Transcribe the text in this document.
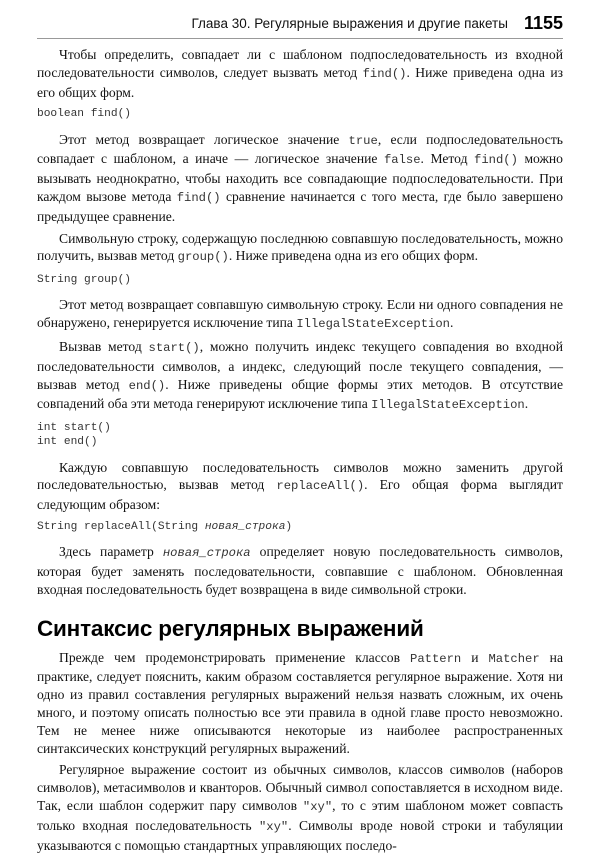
Глава 30. Регулярные выражения и другие пакеты 1155

Чтобы определить, совпадает ли с шаблоном подпоследовательность из входной последовательности символов, следует вызвать метод find(). Ниже приведена одна из его общих форм.

boolean find()

Этот метод возвращает логическое значение true, если подпоследовательность совпадает с шаблоном, а иначе — логическое значение false. Метод find() можно вызывать неоднократно, чтобы находить все совпадающие подпоследовательности. При каждом вызове метода find() сравнение начинается с того места, где было завершено предыдущее сравнение.

Символьную строку, содержащую последнюю совпавшую последовательность, можно получить, вызвав метод group(). Ниже приведена одна из его общих форм.

String group()

Этот метод возвращает совпавшую символьную строку. Если ни одного совпадения не обнаружено, генерируется исключение типа IllegalStateException.

Вызвав метод start(), можно получить индекс текущего совпадения во входной последовательности символов, а индекс, следующий после текущего совпадения, — вызвав метод end(). Ниже приведены общие формы этих методов. В отсутствие совпадений оба эти метода генерируют исключение типа IllegalStateException.

int start()
int end()

Каждую совпавшую последовательность символов можно заменить другой последовательностью, вызвав метод replaceAll(). Его общая форма выглядит следующим образом:

String replaceAll(String новая_строка)

Здесь параметр новая_строка определяет новую последовательность символов, которая будет заменять последовательности, совпавшие с шаблоном. Обновленная входная последовательность будет возвращена в виде символьной строки.

Синтаксис регулярных выражений

Прежде чем продемонстрировать применение классов Pattern и Matcher на практике, следует пояснить, каким образом составляется регулярное выражение. Хотя ни одно из правил составления регулярных выражений нельзя назвать сложным, их очень много, и поэтому описать полностью все эти правила в одной главе просто невозможно. Тем не менее ниже описываются некоторые из наиболее распространенных синтаксических конструкций регулярных выражений.

Регулярное выражение состоит из обычных символов, классов символов (наборов символов), метасимволов и кванторов. Обычный символ сопоставляется в исходном виде. Так, если шаблон содержит пару символов "xy", то с этим шаблоном может совпасть только входная последовательность "xy". Символы вроде новой строки и табуляции указываются с помощью стандартных управляющих последо-
